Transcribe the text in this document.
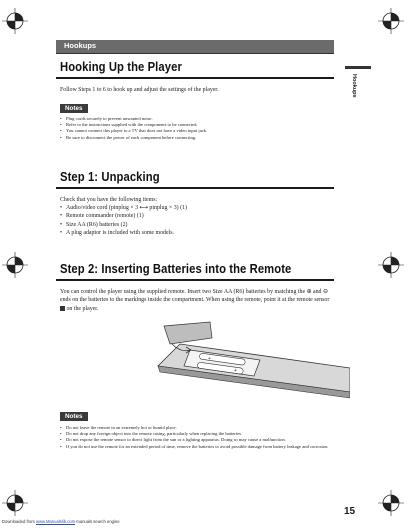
Hookups
Hookups
Hooking Up the Player
Follow Steps 1 to 6 to hook up and adjust the settings of the player.
Notes
• Plug cords securely to prevent unwanted noise.
• Refer to the instructions supplied with the components to be connected.
• You cannot connect this player to a TV that does not have a video input jack.
• Be sure to disconnect the power of each component before connecting.
Step 1: Unpacking
Check that you have the following items:
• Audio/video cord (pinplug × 3 ⟷ pinplug × 3) (1)
• Remote commander (remote) (1)
• Size AA (R6) batteries (2)
• A plug adaptor is included with some models.
Step 2: Inserting Batteries into the Remote
You can control the player using the supplied remote. Insert two Size AA (R6) batteries by matching the ⊕ and ⊖ ends on the batteries to the markings inside the compartment. When using the remote, point it at the remote sensor  on the player.
+
+
Notes
• Do not leave the remote in an extremely hot or humid place.
• Do not drop any foreign object into the remote casing, particularly when replacing the batteries.
• Do not expose the remote sensor to direct light from the sun or a lighting apparatus. Doing so may cause a malfunction.
• If you do not use the remote for an extended period of time, remove the batteries to avoid possible damage from battery leakage and corrosion.
15
Downloaded from www.Manualslib.com manuals search engine
